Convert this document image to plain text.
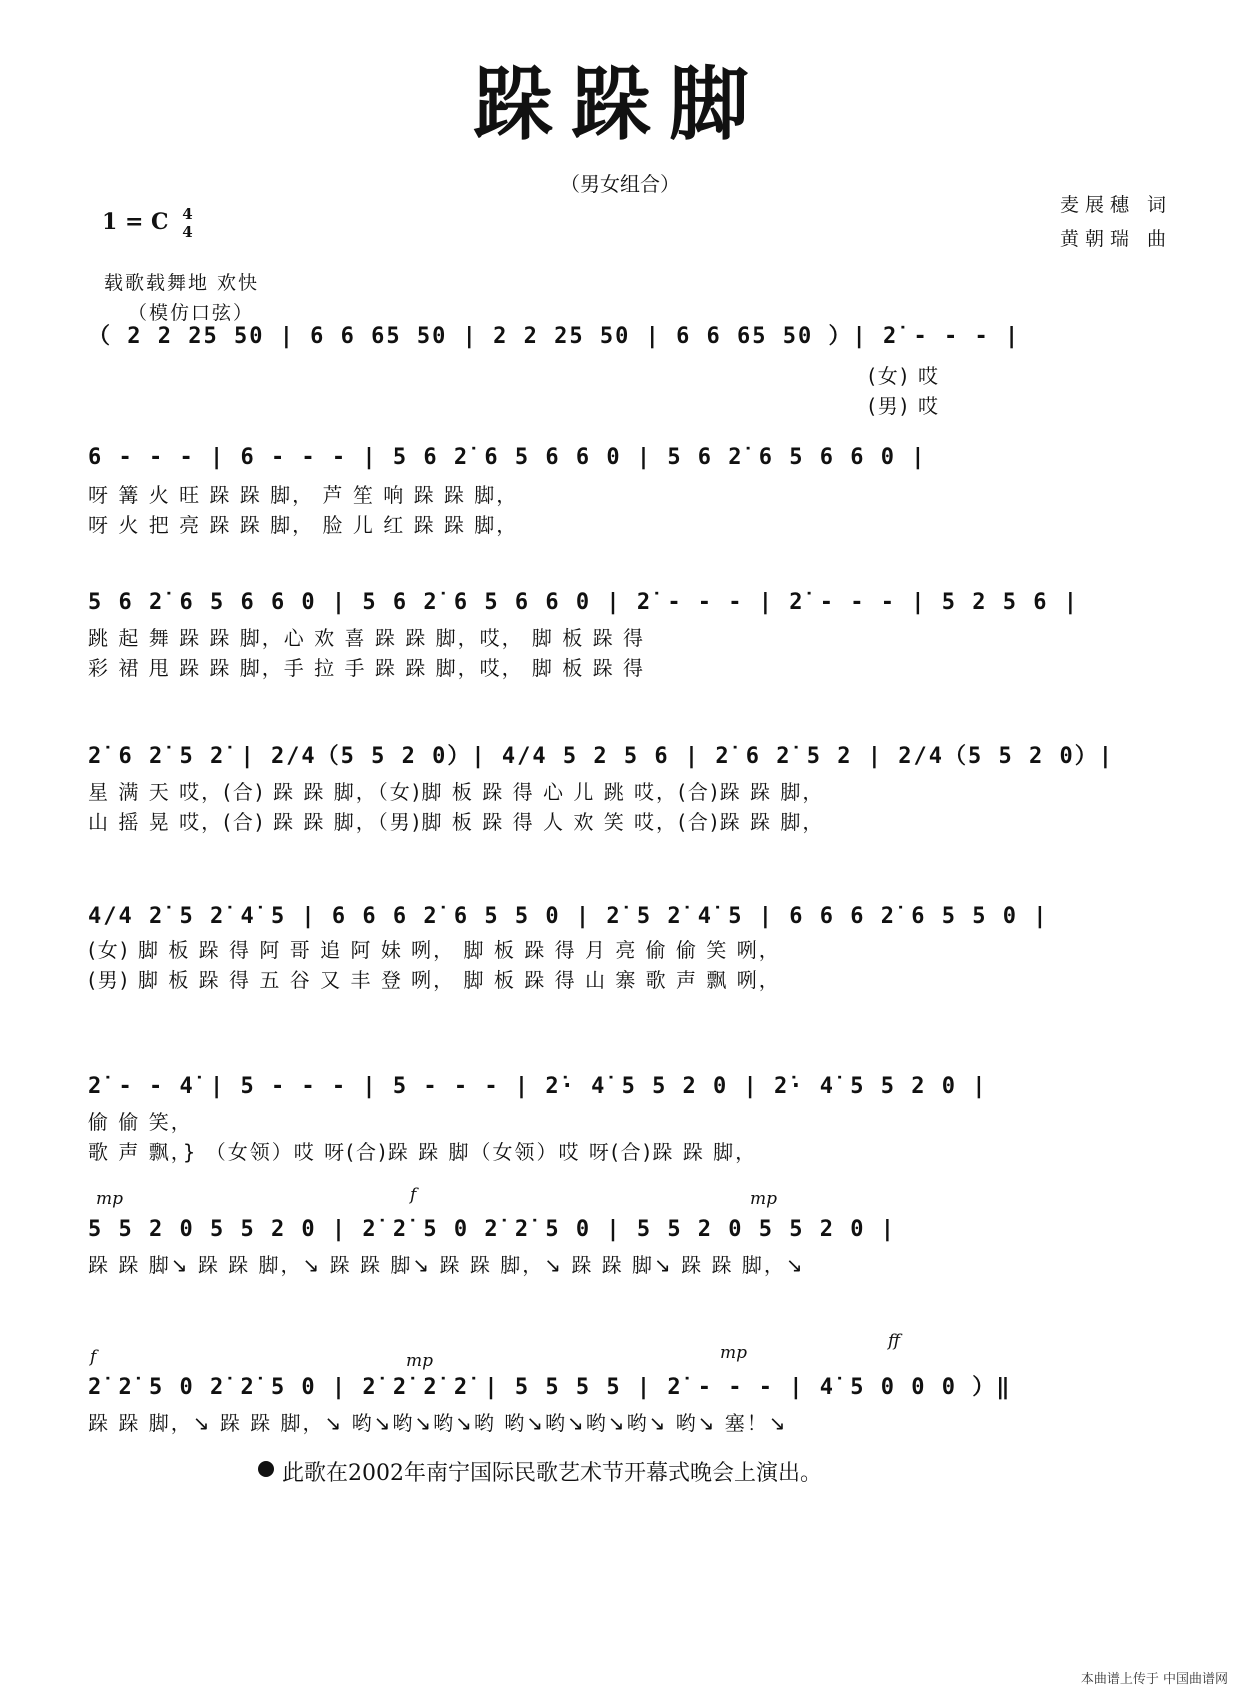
跺跺脚
（男女组合）
1 = C 4
4
麦展穗 词
黄朝瑞 曲
载歌载舞地 欢快
（模仿口弦）
（ 2 2 25 50 | 6 6 65 50 | 2 2 25 50 | 6 6 65 50 ）| 2̇ - - - |
(女) 哎
(男) 哎
6 - - - | 6 - - - | 5 6 2̇ 6 5 6 6 0 | 5 6 2̇ 6 5 6 6 0 |
呀 篝 火 旺 跺 跺 脚， 芦 笙 响 跺 跺 脚，
呀 火 把 亮 跺 跺 脚， 脸 儿 红 跺 跺 脚，
5 6 2̇ 6 5 6 6 0 | 5 6 2̇ 6 5 6 6 0 | 2̇ - - - | 2̇ - - - | 5 2 5 6 |
跳 起 舞 跺 跺 脚，心 欢 喜 跺 跺 脚，哎， 脚 板 跺 得
彩 裙 甩 跺 跺 脚，手 拉 手 跺 跺 脚，哎， 脚 板 跺 得
2̇ 6 2̇ 5 2̇ | 2/4（5 5 2 0）| 4/4 5 2 5 6 | 2̇ 6 2̇ 5 2 | 2/4（5 5 2 0）|
星 满 天 哎，(合) 跺 跺 脚，（女)脚 板 跺 得 心 儿 跳 哎，(合)跺 跺 脚，
山 摇 晃 哎，(合) 跺 跺 脚，（男)脚 板 跺 得 人 欢 笑 哎，(合)跺 跺 脚，
4/4 2̇ 5 2̇ 4̇ 5 | 6 6 6 2̇ 6 5 5 0 | 2̇ 5 2̇ 4̇ 5 | 6 6 6 2̇ 6 5 5 0 |
(女) 脚 板 跺 得 阿 哥 追 阿 妹 咧， 脚 板 跺 得 月 亮 偷 偷 笑 咧，
(男) 脚 板 跺 得 五 谷 又 丰 登 咧， 脚 板 跺 得 山 寨 歌 声 飘 咧，
2̇ - - 4̇ | 5 - - - | 5 - - - | 2̇· 4̇ 5 5 2 0 | 2̇· 4̇ 5 5 2 0 |
偷 偷 笑，
歌 声 飘，} （女领）哎 呀(合)跺 跺 脚（女领）哎 呀(合)跺 跺 脚，
mp	f	mp
5 5 2 0 5 5 2 0 | 2̇ 2̇ 5 0 2̇ 2̇ 5 0 | 5 5 2 0 5 5 2 0 |
跺 跺 脚↘ 跺 跺 脚，↘ 跺 跺 脚↘ 跺 跺 脚，↘ 跺 跺 脚↘ 跺 跺 脚，↘
f	mp	mp
ff
2̇ 2̇ 5 0 2̇ 2̇ 5 0 | 2̇ 2̇ 2̇ 2̇ | 5 5 5 5 | 2̇ - - - | 4̇ 5 0 0 0 ）‖
跺 跺 脚，↘ 跺 跺 脚，↘ 哟↘哟↘哟↘哟 哟↘哟↘哟↘哟↘ 哟↘ 塞！↘
此歌在2002年南宁国际民歌艺术节开幕式晚会上演出。
本曲谱上传于 中国曲谱网
